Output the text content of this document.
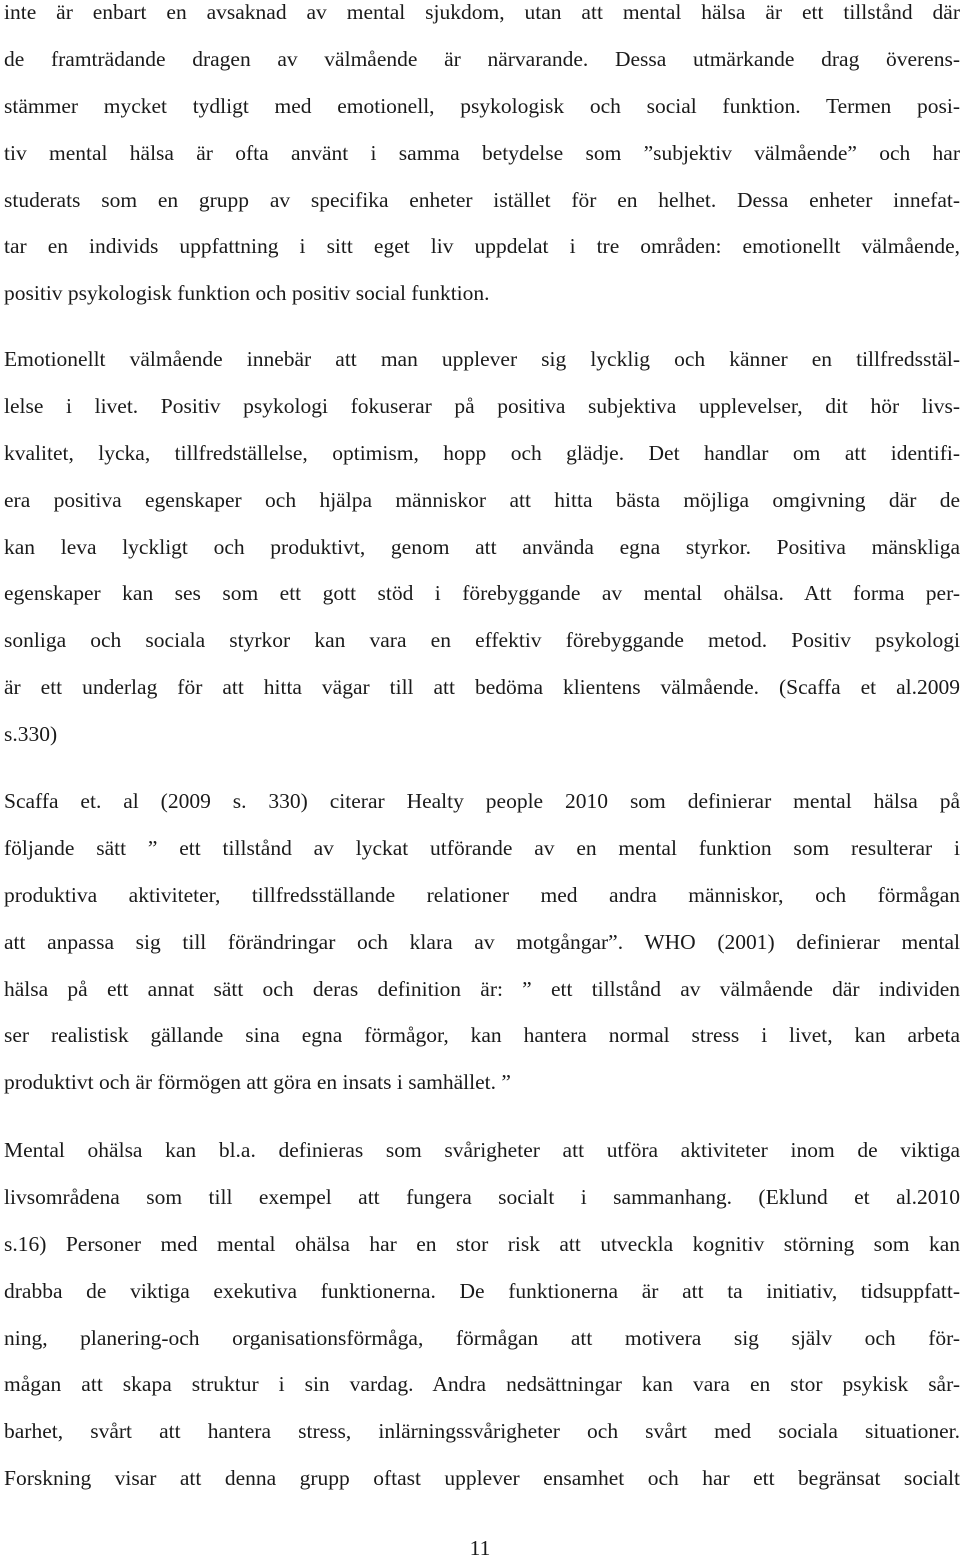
inte är enbart en avsaknad av mental sjukdom, utan att mental hälsa är ett tillstånd där
de framträdande dragen av välmående är närvarande. Dessa utmärkande drag överens-
stämmer mycket tydligt med emotionell, psykologisk och social funktion. Termen posi-
tiv mental hälsa är ofta använt i samma betydelse som ”subjektiv välmående” och har
studerats som en grupp av specifika enheter istället för en helhet. Dessa enheter innefat-
tar en individs uppfattning i sitt eget liv uppdelat i tre områden: emotionellt välmående,
positiv psykologisk funktion och positiv social funktion.
Emotionellt välmående innebär att man upplever sig lycklig och känner en tillfredsstäl-
lelse i livet. Positiv psykologi fokuserar på positiva subjektiva upplevelser, dit hör livs-
kvalitet, lycka, tillfredställelse, optimism, hopp och glädje. Det handlar om att identifi-
era positiva egenskaper och hjälpa människor att hitta bästa möjliga omgivning där de
kan leva lyckligt och produktivt, genom att använda egna styrkor. Positiva mänskliga
egenskaper kan ses som ett gott stöd i förebyggande av mental ohälsa. Att forma per-
sonliga och sociala styrkor kan vara en effektiv förebyggande metod. Positiv psykologi
är ett underlag för att hitta vägar till att bedöma klientens välmående. (Scaffa et al.2009
s.330)
Scaffa et. al (2009 s. 330) citerar Healty people 2010 som definierar mental hälsa på
följande sätt ” ett tillstånd av lyckat utförande av en mental funktion som resulterar i
produktiva aktiviteter, tillfredsställande relationer med andra människor, och förmågan
att anpassa sig till förändringar och klara av motgångar”. WHO (2001) definierar mental
hälsa på ett annat sätt och deras definition är: ” ett tillstånd av välmående där individen
ser realistisk gällande sina egna förmågor, kan hantera normal stress i livet, kan arbeta
produktivt och är förmögen att göra en insats i samhället. ”
Mental ohälsa kan bl.a. definieras som svårigheter att utföra aktiviteter inom de viktiga
livsområdena som till exempel att fungera socialt i sammanhang. (Eklund et al.2010
s.16) Personer med mental ohälsa har en stor risk att utveckla kognitiv störning som kan
drabba de viktiga exekutiva funktionerna. De funktionerna är att ta initiativ, tidsuppfatt-
ning, planering-och organisationsförmåga, förmågan att motivera sig själv och för-
mågan att skapa struktur i sin vardag. Andra nedsättningar kan vara en stor psykisk sår-
barhet, svårt att hantera stress, inlärningssvårigheter och svårt med sociala situationer.
Forskning visar att denna grupp oftast upplever ensamhet och har ett begränsat socialt
11
